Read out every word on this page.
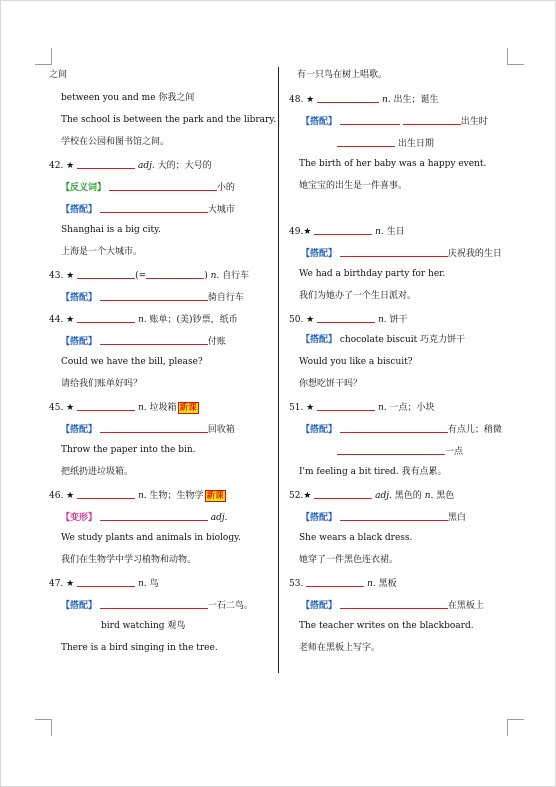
之间
between you and me 你我之间
The school is between the park and the library.
学校在公园和图书馆之间。
42. ★	adj. 大的；大号的
【反义词】	小的
【搭配】	大城市
Shanghai is a big city.
上海是一个大城市。
43. ★	(=	) n. 自行车
【搭配】	骑自行车
44. ★	n. 账单；(美)钞票，纸币
【搭配】	付账
Could we have the bill, please?
请给我们账单好吗？
45. ★	n. 垃圾箱 新课
【搭配】	回收箱
Throw the paper into the bin.
把纸扔进垃圾箱。
46. ★	n. 生物；生物学 新课
【变形】	adj.
We study plants and animals in biology.
我们在生物学中学习植物和动物。
47. ★	n. 鸟
【搭配】	一石二鸟。
bird watching 观鸟
There is a bird singing in the tree.
有一只鸟在树上唱歌。
48. ★	n. 出生；诞生
【搭配】	出生时
出生日期
The birth of her baby was a happy event.
她宝宝的出生是一件喜事。
49.★	n. 生日
【搭配】	庆祝我的生日
We had a birthday party for her.
我们为她办了一个生日派对。
50. ★	n. 饼干
【搭配】 chocolate biscuit 巧克力饼干
Would you like a biscuit?
你想吃饼干吗？
51. ★	n. 一点；小块
【搭配】	有点儿；稍微
一点
I'm feeling a bit tired. 我有点累。
52.★	adj. 黑色的 n. 黑色
【搭配】	黑白
She wears a black dress.
她穿了一件黑色连衣裙。
53.	n. 黑板
【搭配】	在黑板上
The teacher writes on the blackboard.
老师在黑板上写字。
